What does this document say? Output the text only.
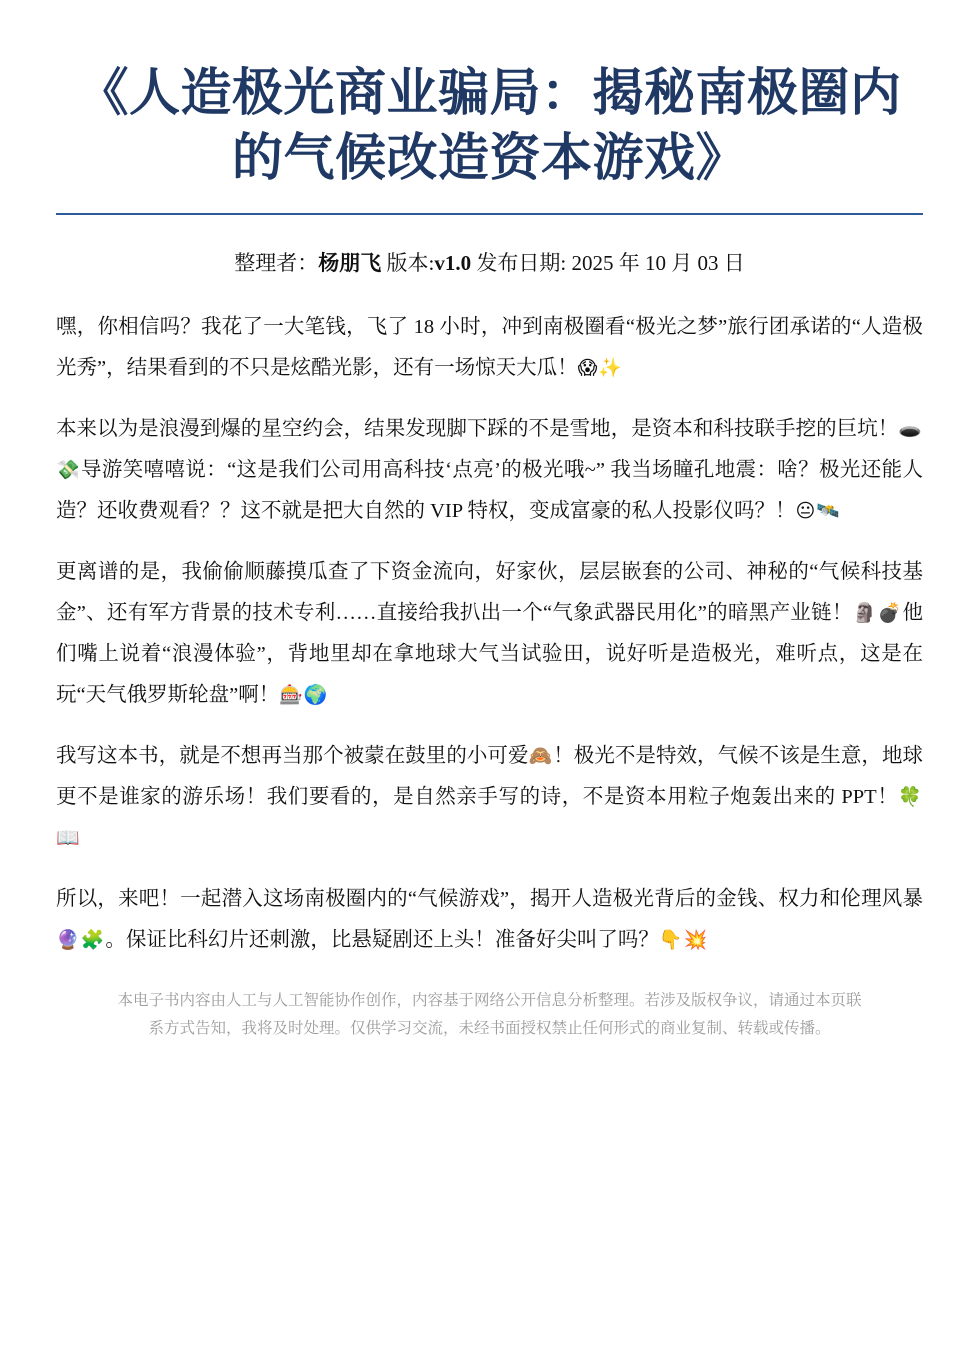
《人造极光商业骗局：揭秘南极圈内的气候改造资本游戏》
整理者：杨朋飞 版本:v1.0 发布日期: 2025 年 10 月 03 日

嘿，你相信吗？我花了一大笔钱，飞了 18 小时，冲到南极圈看“极光之梦”旅行团承诺的“人造极光秀”，结果看到的不只是炫酷光影，还有一场惊天大瓜！😱✨

本来以为是浪漫到爆的星空约会，结果发现脚下踩的不是雪地，是资本和科技联手挖的巨坑！🕳️💸导游笑嘻嘻说：“这是我们公司用高科技‘点亮’的极光哦~” 我当场瞳孔地震：啥？极光还能人造？还收费观看？？这不就是把大自然的 VIP 特权，变成富豪的私人投影仪吗？！😐🛰️

更离谱的是，我偷偷顺藤摸瓜查了下资金流向，好家伙，层层嵌套的公司、神秘的“气候科技基金”、还有军方背景的技术专利……直接给我扒出一个“气象武器民用化”的暗黑产业链！🗿💣他们嘴上说着“浪漫体验”，背地里却在拿地球大气当试验田，说好听是造极光，难听点，这是在玩“天气俄罗斯轮盘”啊！🎰🌍

我写这本书，就是不想再当那个被蒙在鼓里的小可爱🙈！极光不是特效，气候不该是生意，地球更不是谁家的游乐场！我们要看的，是自然亲手写的诗，不是资本用粒子炮轰出来的 PPT！🍀📖

所以，来吧！一起潜入这场南极圈内的“气候游戏”，揭开人造极光背后的金钱、权力和伦理风暴🔮🧩。保证比科幻片还刺激，比悬疑剧还上头！准备好尖叫了吗？👇💥

本电子书内容由人工与人工智能协作创作，内容基于网络公开信息分析整理。若涉及版权争议，请通过本页联

系方式告知，我将及时处理。仅供学习交流，未经书面授权禁止任何形式的商业复制、转载或传播。
